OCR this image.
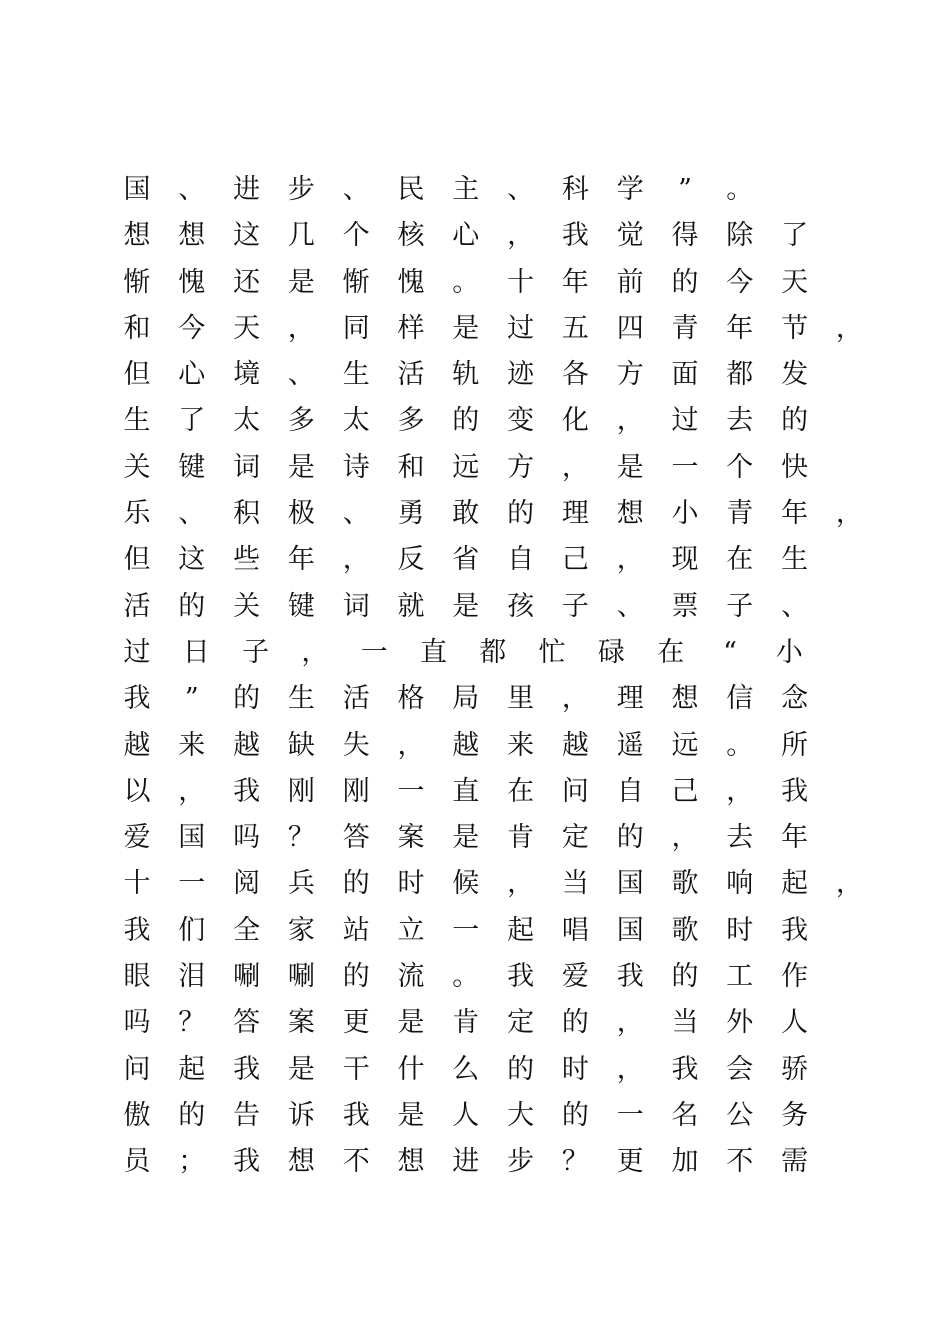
国 、 进 步 、 民 主 、 科 学 ” 。
想 想 这 几 个 核 心 ， 我 觉 得 除 了
惭 愧 还 是 惭 愧 。 十 年 前 的 今 天
和 今 天 ， 同 样 是 过 五 四 青 年 节 ，
但 心 境 、 生 活 轨 迹 各 方 面 都 发
生 了 太 多 太 多 的 变 化 ， 过 去 的
关 键 词 是 诗 和 远 方 ， 是 一 个 快
乐 、 积 极 、 勇 敢 的 理 想 小 青 年 ，
但 这 些 年 ， 反 省 自 己 ， 现 在 生
活 的 关 键 词 就 是 孩 子 、 票 子 、
过 日 子 ， 一 直 都 忙 碌 在 “ 小
我 ” 的 生 活 格 局 里 ， 理 想 信 念
越 来 越 缺 失 ， 越 来 越 遥 远 。 所
以 ， 我 刚 刚 一 直 在 问 自 己 ， 我
爱 国 吗 ？ 答 案 是 肯 定 的 ， 去 年
十 一 阅 兵 的 时 候 ， 当 国 歌 响 起 ，
我 们 全 家 站 立 一 起 唱 国 歌 时 我
眼 泪 唰 唰 的 流 。 我 爱 我 的 工 作
吗 ？ 答 案 更 是 肯 定 的 ， 当 外 人
问 起 我 是 干 什 么 的 时 ， 我 会 骄
傲 的 告 诉 我 是 人 大 的 一 名 公 务
员 ； 我 想 不 想 进 步 ？ 更 加 不 需
